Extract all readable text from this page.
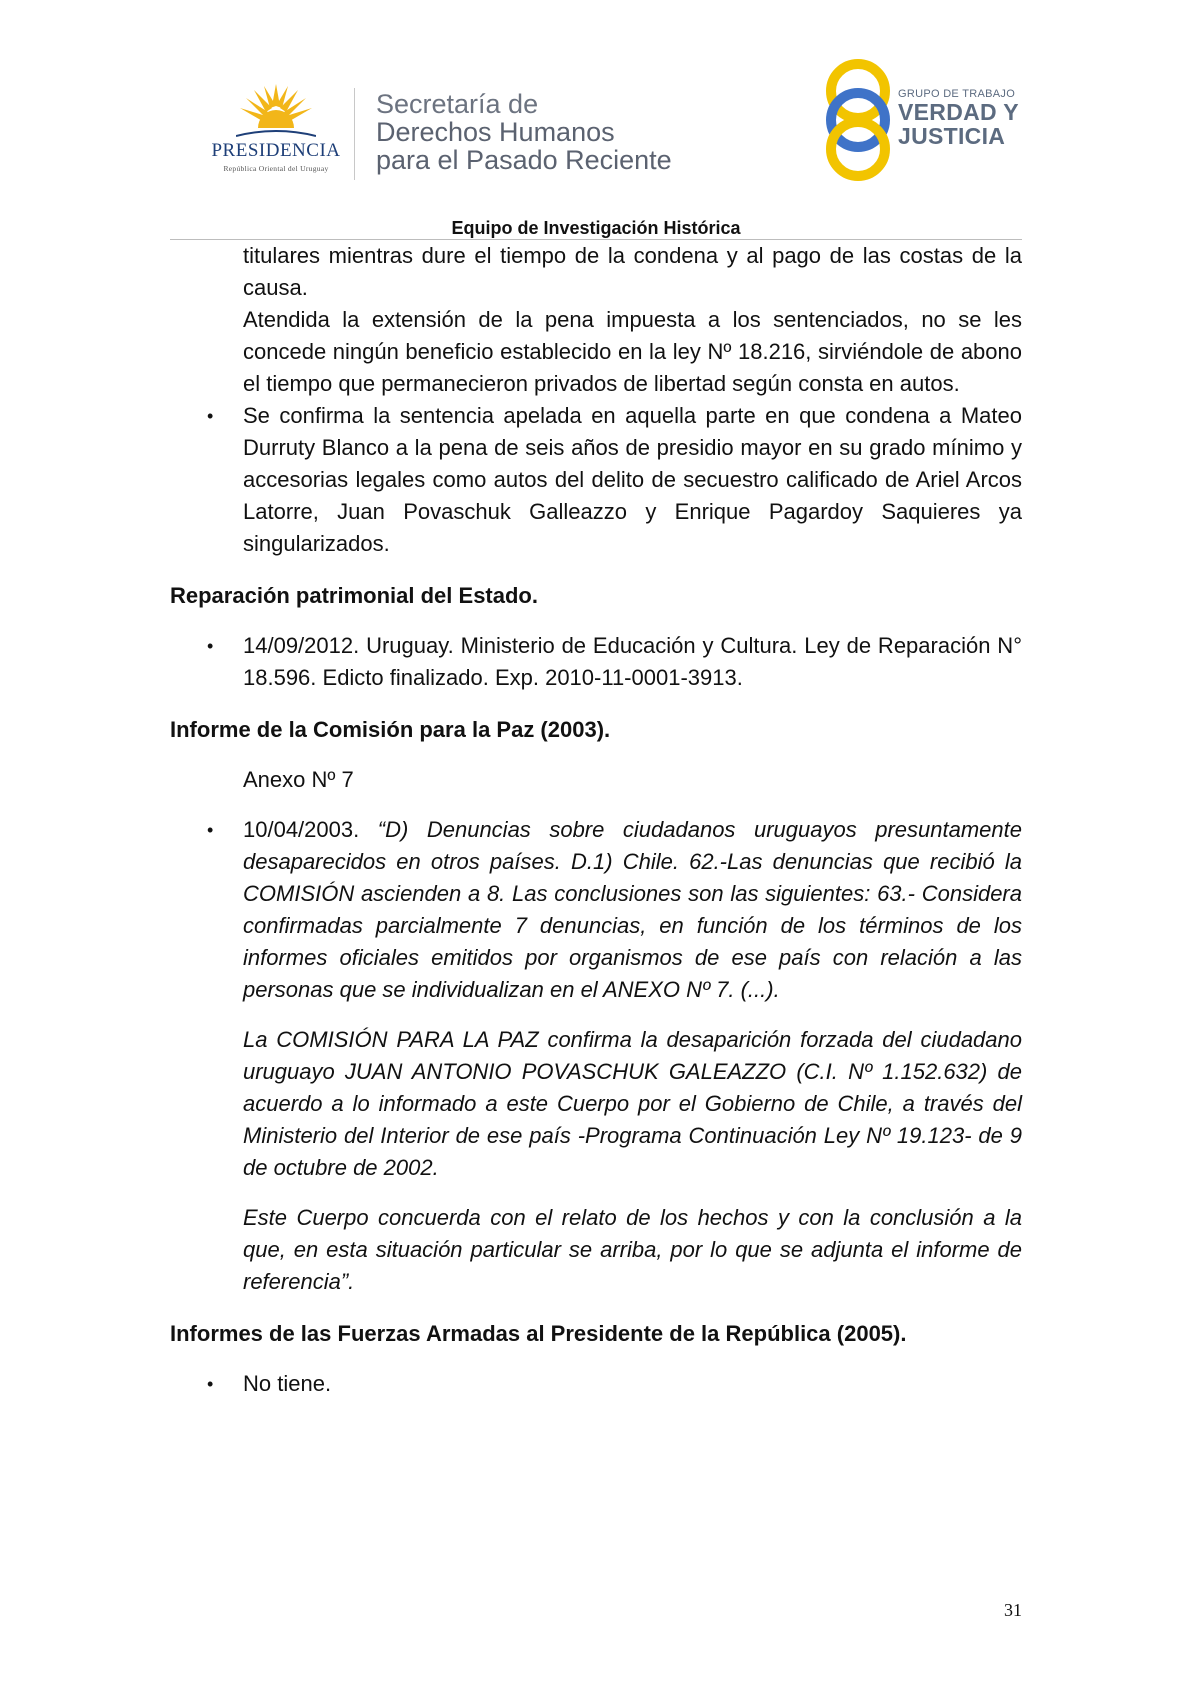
PRESIDENCIA
República Oriental del Uruguay
Secretaría de
Derechos Humanos
para el Pasado Reciente
GRUPO DE TRABAJO
VERDAD Y
JUSTICIA
Equipo de Investigación Histórica

titulares mientras dure el tiempo de la condena y al pago de las costas de la causa.

Atendida la extensión de la pena impuesta a los sentenciados, no se les concede ningún beneficio establecido en la ley Nº 18.216, sirviéndole de abono el tiempo que permanecieron privados de libertad según consta en autos.

• Se confirma la sentencia apelada en aquella parte en que condena a Mateo Durruty Blanco a la pena de seis años de presidio mayor en su grado mínimo y accesorias legales como autos del delito de secuestro calificado de Ariel Arcos Latorre, Juan Povaschuk Galleazzo y Enrique Pagardoy Saquieres ya singularizados.

Reparación patrimonial del Estado.

• 14/09/2012. Uruguay. Ministerio de Educación y Cultura. Ley de Reparación N° 18.596. Edicto finalizado. Exp. 2010-11-0001-3913.

Informe de la Comisión para la Paz (2003).

Anexo Nº 7

• 10/04/2003. “D) Denuncias sobre ciudadanos uruguayos presuntamente desaparecidos en otros países. D.1) Chile. 62.-Las denuncias que recibió la COMISIÓN ascienden a 8. Las conclusiones son las siguientes: 63.- Considera confirmadas parcialmente 7 denuncias, en función de los términos de los informes oficiales emitidos por organismos de ese país con relación a las personas que se individualizan en el ANEXO Nº 7. (...).

La COMISIÓN PARA LA PAZ confirma la desaparición forzada del ciudadano uruguayo JUAN ANTONIO POVASCHUK GALEAZZO (C.I. Nº 1.152.632) de acuerdo a lo informado a este Cuerpo por el Gobierno de Chile, a través del Ministerio del Interior de ese país -Programa Continuación Ley Nº 19.123- de 9 de octubre de 2002.

Este Cuerpo concuerda con el relato de los hechos y con la conclusión a la que, en esta situación particular se arriba, por lo que se adjunta el informe de referencia”.

Informes de las Fuerzas Armadas al Presidente de la República (2005).

• No tiene.
31
